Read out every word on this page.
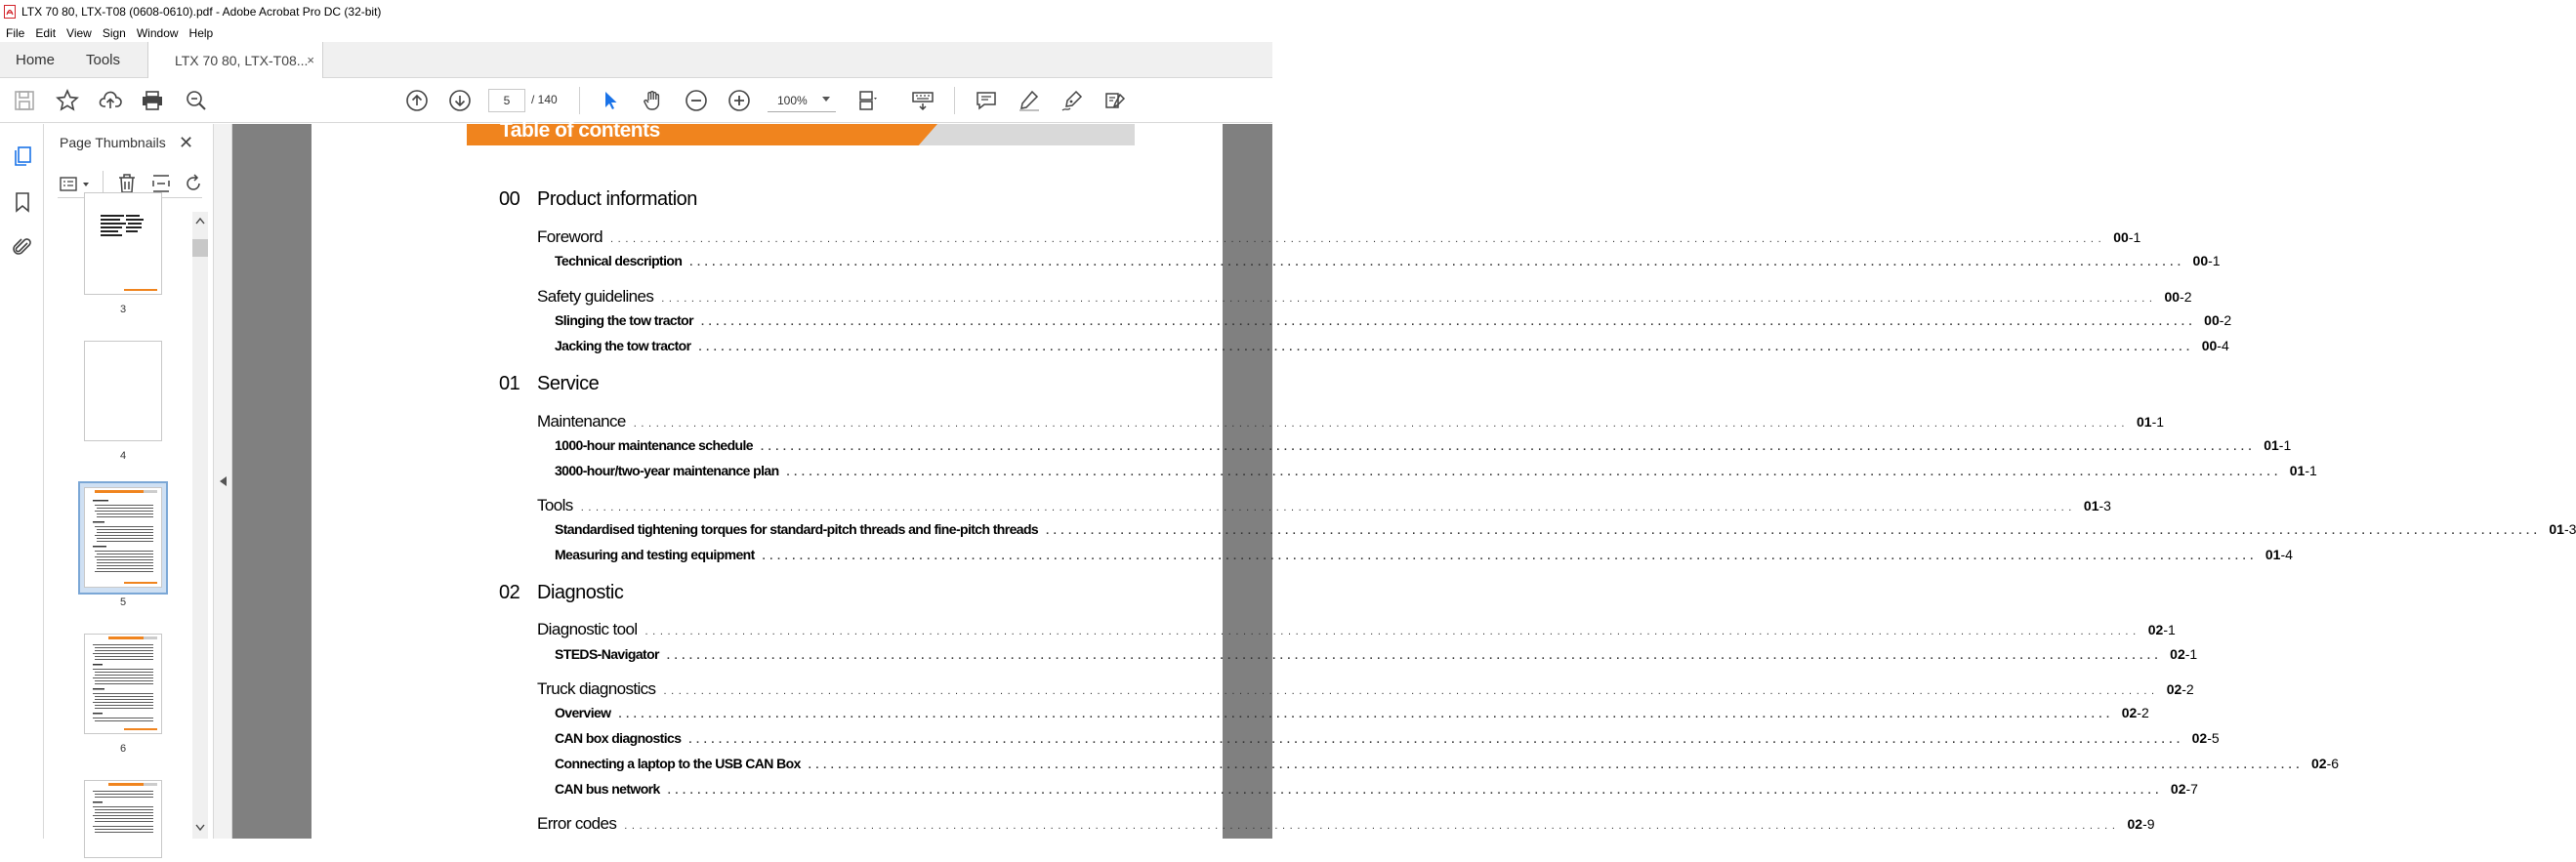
LTX 70 80, LTX-T08 (0608-0610).pdf - Adobe Acrobat Pro DC (32-bit)
File Edit View Sign Window Help
Home Tools	LTX 70 80, LTX-T08...
×
5
/ 140	100%
Page Thumbnails ✕
3
4
5
6
Table of contents
00 Product information
Foreword ........................................................................................................................................................................................................ 00-1
Technical description ........................................................................................................................................................................................................ 00-1
Safety guidelines ........................................................................................................................................................................................................ 00-2
Slinging the tow tractor ........................................................................................................................................................................................................ 00-2
Jacking the tow tractor ........................................................................................................................................................................................................ 00-4
01 Service
Maintenance ........................................................................................................................................................................................................ 01-1
1000-hour maintenance schedule ........................................................................................................................................................................................................ 01-1
3000-hour/two-year maintenance plan ........................................................................................................................................................................................................ 01-1
Tools ........................................................................................................................................................................................................ 01-3
Standardised tightening torques for standard-pitch threads and fine-pitch threads ........................................................................................................................................................................................................ 01-3
Measuring and testing equipment ........................................................................................................................................................................................................ 01-4
02 Diagnostic
Diagnostic tool ........................................................................................................................................................................................................ 02-1
STEDS-Navigator ........................................................................................................................................................................................................ 02-1
Truck diagnostics ........................................................................................................................................................................................................ 02-2
Overview ........................................................................................................................................................................................................ 02-2
CAN box diagnostics ........................................................................................................................................................................................................ 02-5
Connecting a laptop to the USB CAN Box ........................................................................................................................................................................................................ 02-6
CAN bus network ........................................................................................................................................................................................................ 02-7
Error codes ........................................................................................................................................................................................................ 02-9
